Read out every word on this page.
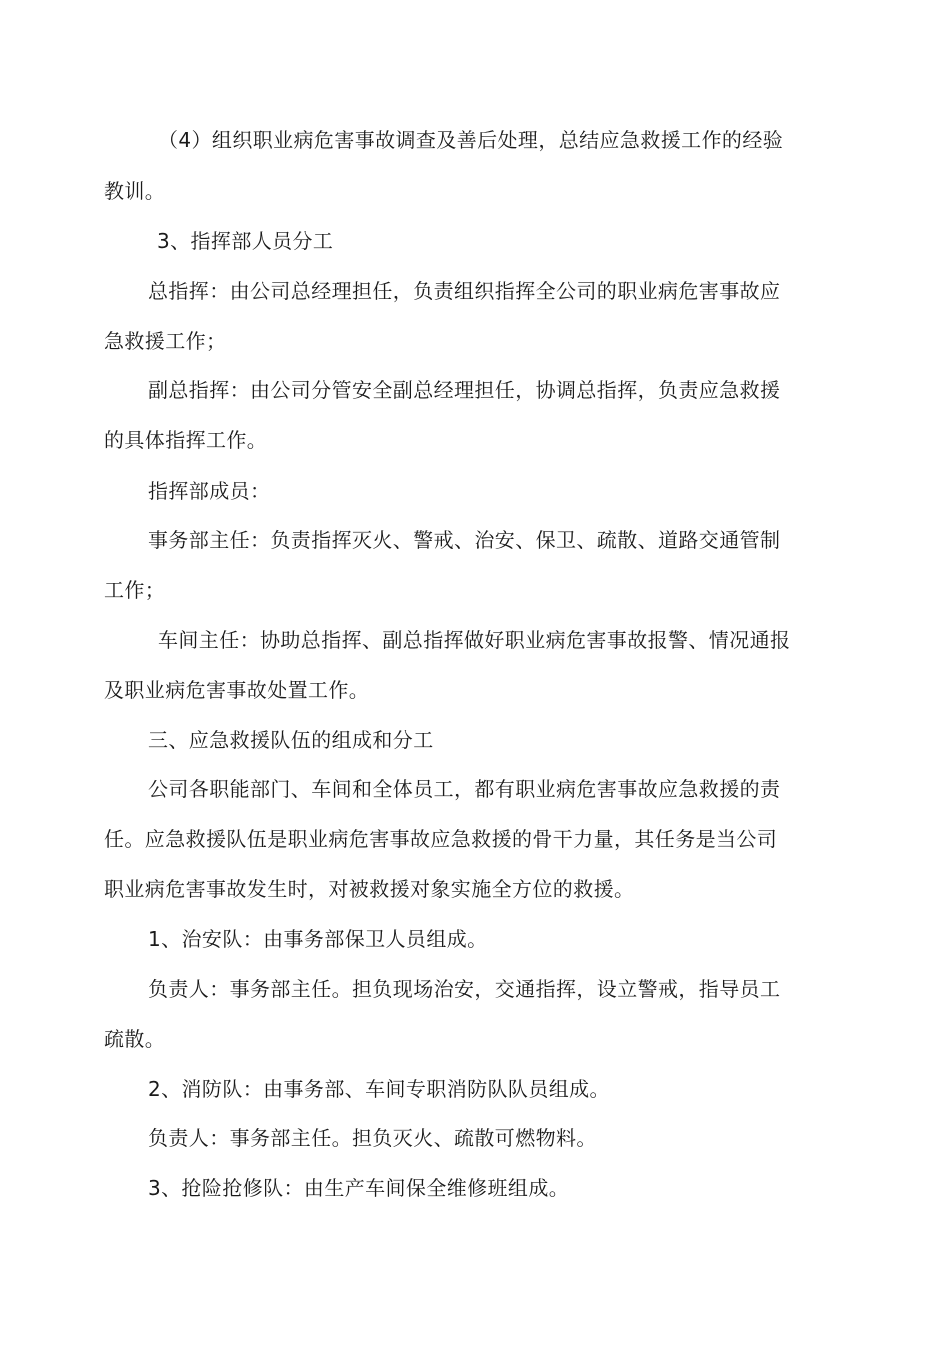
（4）组织职业病危害事故调查及善后处理，总结应急救援工作的经验
教训。
3、指挥部人员分工
总指挥：由公司总经理担任，负责组织指挥全公司的职业病危害事故应
急救援工作；
副总指挥：由公司分管安全副总经理担任，协调总指挥，负责应急救援
的具体指挥工作。
指挥部成员：
事务部主任：负责指挥灭火、警戒、治安、保卫、疏散、道路交通管制
工作；
车间主任：协助总指挥、副总指挥做好职业病危害事故报警、情况通报
及职业病危害事故处置工作。
三、应急救援队伍的组成和分工
公司各职能部门、车间和全体员工，都有职业病危害事故应急救援的责
任。应急救援队伍是职业病危害事故应急救援的骨干力量，其任务是当公司
职业病危害事故发生时，对被救援对象实施全方位的救援。
1、治安队：由事务部保卫人员组成。
负责人：事务部主任。担负现场治安，交通指挥，设立警戒，指导员工
疏散。
2、消防队：由事务部、车间专职消防队队员组成。
负责人：事务部主任。担负灭火、疏散可燃物料。
3、抢险抢修队：由生产车间保全维修班组成。
